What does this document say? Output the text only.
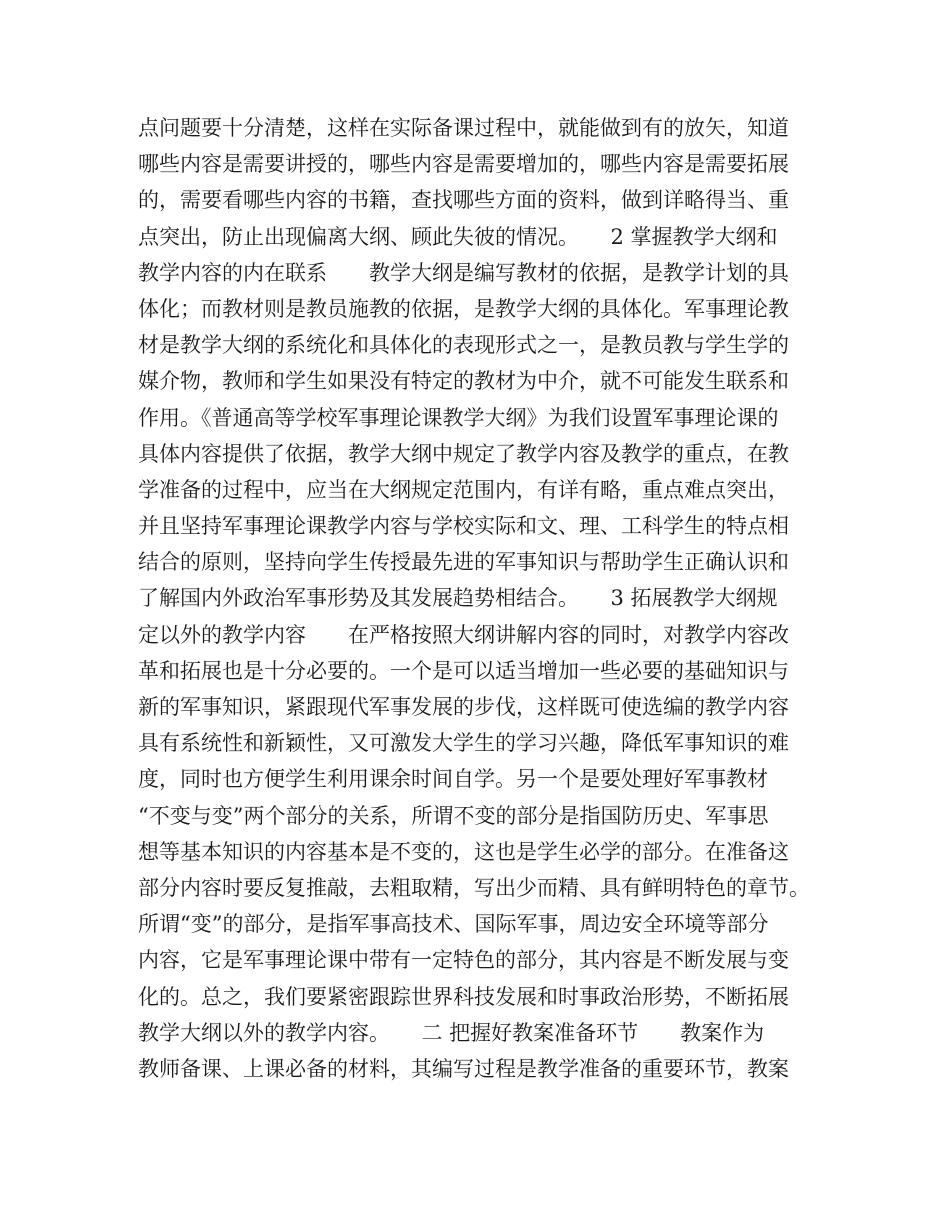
点问题要十分清楚，这样在实际备课过程中，就能做到有的放矢，知道
哪些内容是需要讲授的，哪些内容是需要增加的，哪些内容是需要拓展
的，需要看哪些内容的书籍，查找哪些方面的资料，做到详略得当、重
点突出，防止出现偏离大纲、顾此失彼的情况。　　2 掌握教学大纲和
教学内容的内在联系　　教学大纲是编写教材的依据，是教学计划的具
体化；而教材则是教员施教的依据，是教学大纲的具体化。军事理论教
材是教学大纲的系统化和具体化的表现形式之一，是教员教与学生学的
媒介物，教师和学生如果没有特定的教材为中介，就不可能发生联系和
作用。《普通高等学校军事理论课教学大纲》为我们设置军事理论课的
具体内容提供了依据，教学大纲中规定了教学内容及教学的重点，在教
学准备的过程中，应当在大纲规定范围内，有详有略，重点难点突出，
并且坚持军事理论课教学内容与学校实际和文、理、工科学生的特点相
结合的原则，坚持向学生传授最先进的军事知识与帮助学生正确认识和
了解国内外政治军事形势及其发展趋势相结合。　　3 拓展教学大纲规
定以外的教学内容　　在严格按照大纲讲解内容的同时，对教学内容改
革和拓展也是十分必要的。一个是可以适当增加一些必要的基础知识与
新的军事知识，紧跟现代军事发展的步伐，这样既可使选编的教学内容
具有系统性和新颖性，又可激发大学生的学习兴趣，降低军事知识的难
度，同时也方便学生利用课余时间自学。另一个是要处理好军事教材
“不变与变”两个部分的关系，所谓不变的部分是指国防历史、军事思
想等基本知识的内容基本是不变的，这也是学生必学的部分。在准备这
部分内容时要反复推敲，去粗取精，写出少而精、具有鲜明特色的章节。
所谓“变”的部分，是指军事高技术、国际军事，周边安全环境等部分
内容，它是军事理论课中带有一定特色的部分，其内容是不断发展与变
化的。总之，我们要紧密跟踪世界科技发展和时事政治形势，不断拓展
教学大纲以外的教学内容。　　二 把握好教案准备环节　　教案作为
教师备课、上课必备的材料，其编写过程是教学准备的重要环节，教案
